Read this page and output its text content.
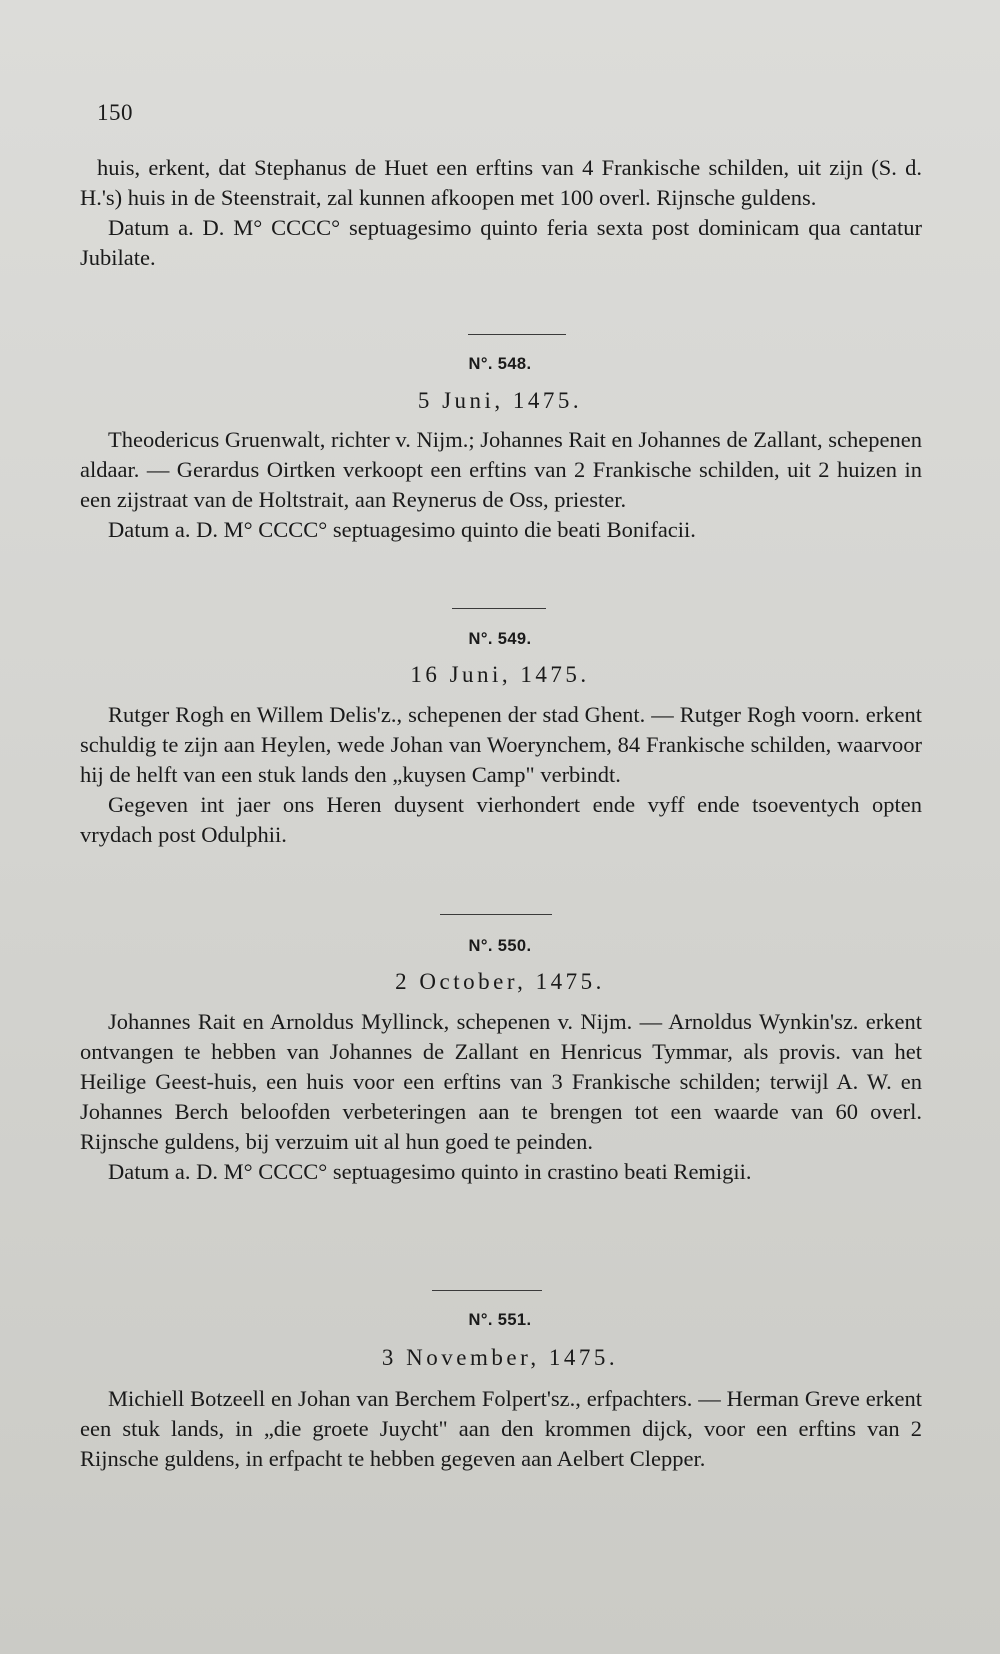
150

huis, erkent, dat Stephanus de Huet een erftins van 4 Frankische schilden, uit zijn (S. d. H.'s) huis in de Steenstrait, zal kunnen afkoopen met 100 overl. Rijnsche guldens.

Datum a. D. M° CCCC° septuagesimo quinto feria sexta post dominicam qua cantatur Jubilate.

N°. 548.
5 Juni, 1475.

Theodericus Gruenwalt, richter v. Nijm.; Johannes Rait en Johannes de Zallant, schepenen aldaar. — Gerardus Oirtken verkoopt een erftins van 2 Frankische schilden, uit 2 huizen in een zijstraat van de Holtstrait, aan Reynerus de Oss, priester.

Datum a. D. M° CCCC° septuagesimo quinto die beati Bonifacii.

N°. 549.
16 Juni, 1475.

Rutger Rogh en Willem Delis'z., schepenen der stad Ghent. — Rutger Rogh voorn. erkent schuldig te zijn aan Heylen, wede Johan van Woerynchem, 84 Frankische schilden, waarvoor hij de helft van een stuk lands den „kuysen Camp" verbindt.

Gegeven int jaer ons Heren duysent vierhondert ende vyff ende tsoeventych opten vrydach post Odulphii.

N°. 550.
2 October, 1475.

Johannes Rait en Arnoldus Myllinck, schepenen v. Nijm. — Arnoldus Wynkin'sz. erkent ontvangen te hebben van Johannes de Zallant en Henricus Tymmar, als provis. van het Heilige Geest-huis, een huis voor een erftins van 3 Frankische schilden; terwijl A. W. en Johannes Berch beloofden verbeteringen aan te brengen tot een waarde van 60 overl. Rijnsche guldens, bij verzuim uit al hun goed te peinden.

Datum a. D. M° CCCC° septuagesimo quinto in crastino beati Remigii.

N°. 551.
3 November, 1475.

Michiell Botzeell en Johan van Berchem Folpert'sz., erfpachters. — Herman Greve erkent een stuk lands, in „die groete Juycht" aan den krommen dijck, voor een erftins van 2 Rijnsche guldens, in erfpacht te hebben gegeven aan Aelbert Clepper.
